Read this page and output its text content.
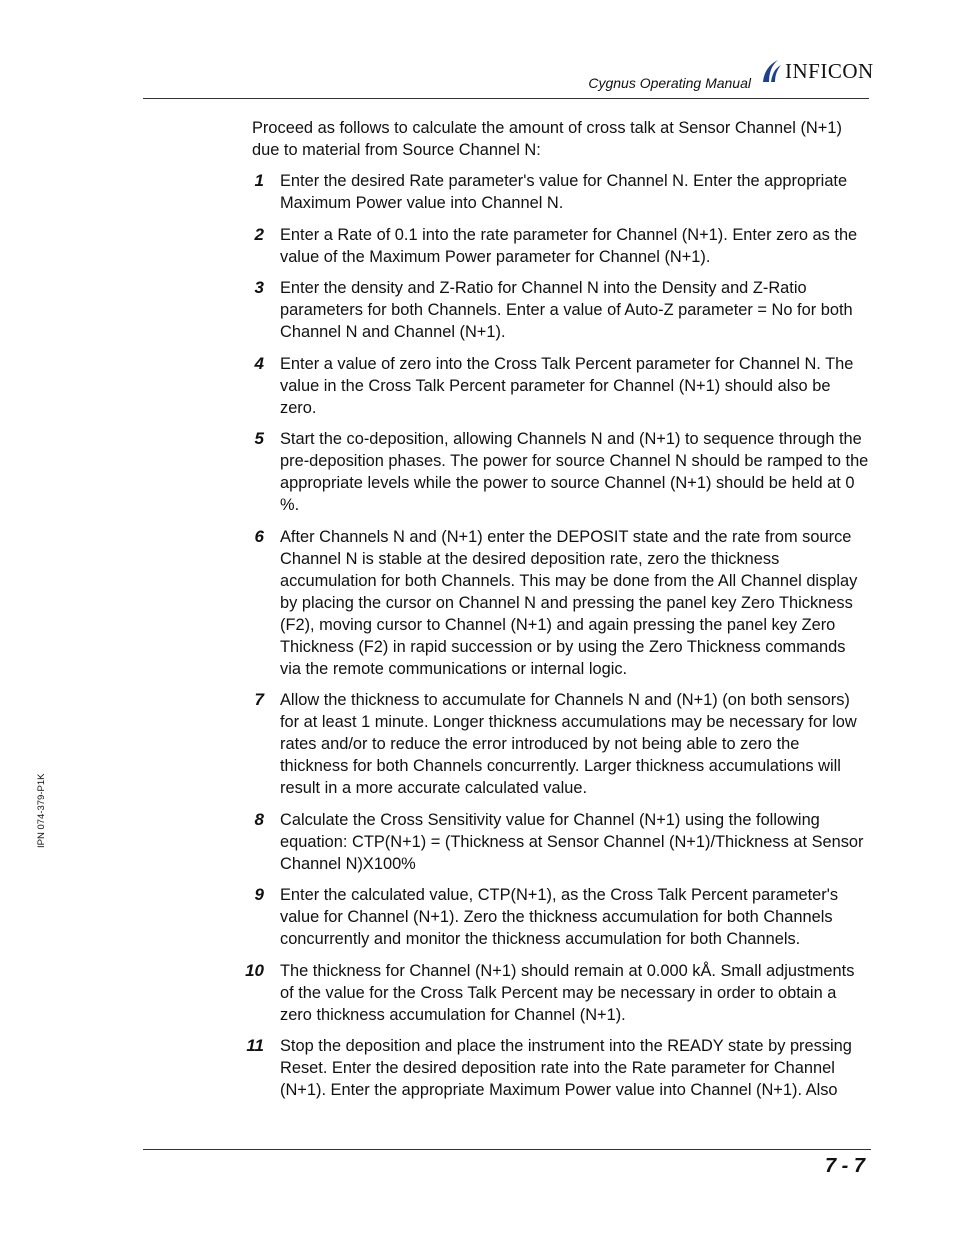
Cygnus Operating Manual
INFICON
IPN 074-379-P1K

Proceed as follows to calculate the amount of cross talk at Sensor Channel (N+1) due to material from Source Channel N:

1 Enter the desired Rate parameter's value for Channel N. Enter the appropriate Maximum Power value into Channel N.
2 Enter a Rate of 0.1 into the rate parameter for Channel (N+1). Enter zero as the value of the Maximum Power parameter for Channel (N+1).
3 Enter the density and Z-Ratio for Channel N into the Density and Z-Ratio parameters for both Channels. Enter a value of Auto-Z parameter = No for both Channel N and Channel (N+1).
4 Enter a value of zero into the Cross Talk Percent parameter for Channel N. The value in the Cross Talk Percent parameter for Channel (N+1) should also be zero.
5 Start the co-deposition, allowing Channels N and (N+1) to sequence through the pre-deposition phases. The power for source Channel N should be ramped to the appropriate levels while the power to source Channel (N+1) should be held at 0 %.
6 After Channels N and (N+1) enter the DEPOSIT state and the rate from source Channel N is stable at the desired deposition rate, zero the thickness accumulation for both Channels. This may be done from the All Channel display by placing the cursor on Channel N and pressing the panel key Zero Thickness (F2), moving cursor to Channel (N+1) and again pressing the panel key Zero Thickness (F2) in rapid succession or by using the Zero Thickness commands via the remote communications or internal logic.
7 Allow the thickness to accumulate for Channels N and (N+1) (on both sensors) for at least 1 minute. Longer thickness accumulations may be necessary for low rates and/or to reduce the error introduced by not being able to zero the thickness for both Channels concurrently. Larger thickness accumulations will result in a more accurate calculated value.
8 Calculate the Cross Sensitivity value for Channel (N+1) using the following equation: CTP(N+1) = (Thickness at Sensor Channel (N+1)/Thickness at Sensor Channel N)X100%
9 Enter the calculated value, CTP(N+1), as the Cross Talk Percent parameter's value for Channel (N+1). Zero the thickness accumulation for both Channels concurrently and monitor the thickness accumulation for both Channels.
10 The thickness for Channel (N+1) should remain at 0.000 kÅ. Small adjustments of the value for the Cross Talk Percent may be necessary in order to obtain a zero thickness accumulation for Channel (N+1).
11 Stop the deposition and place the instrument into the READY state by pressing Reset. Enter the desired deposition rate into the Rate parameter for Channel (N+1). Enter the appropriate Maximum Power value into Channel (N+1). Also
7 - 7
